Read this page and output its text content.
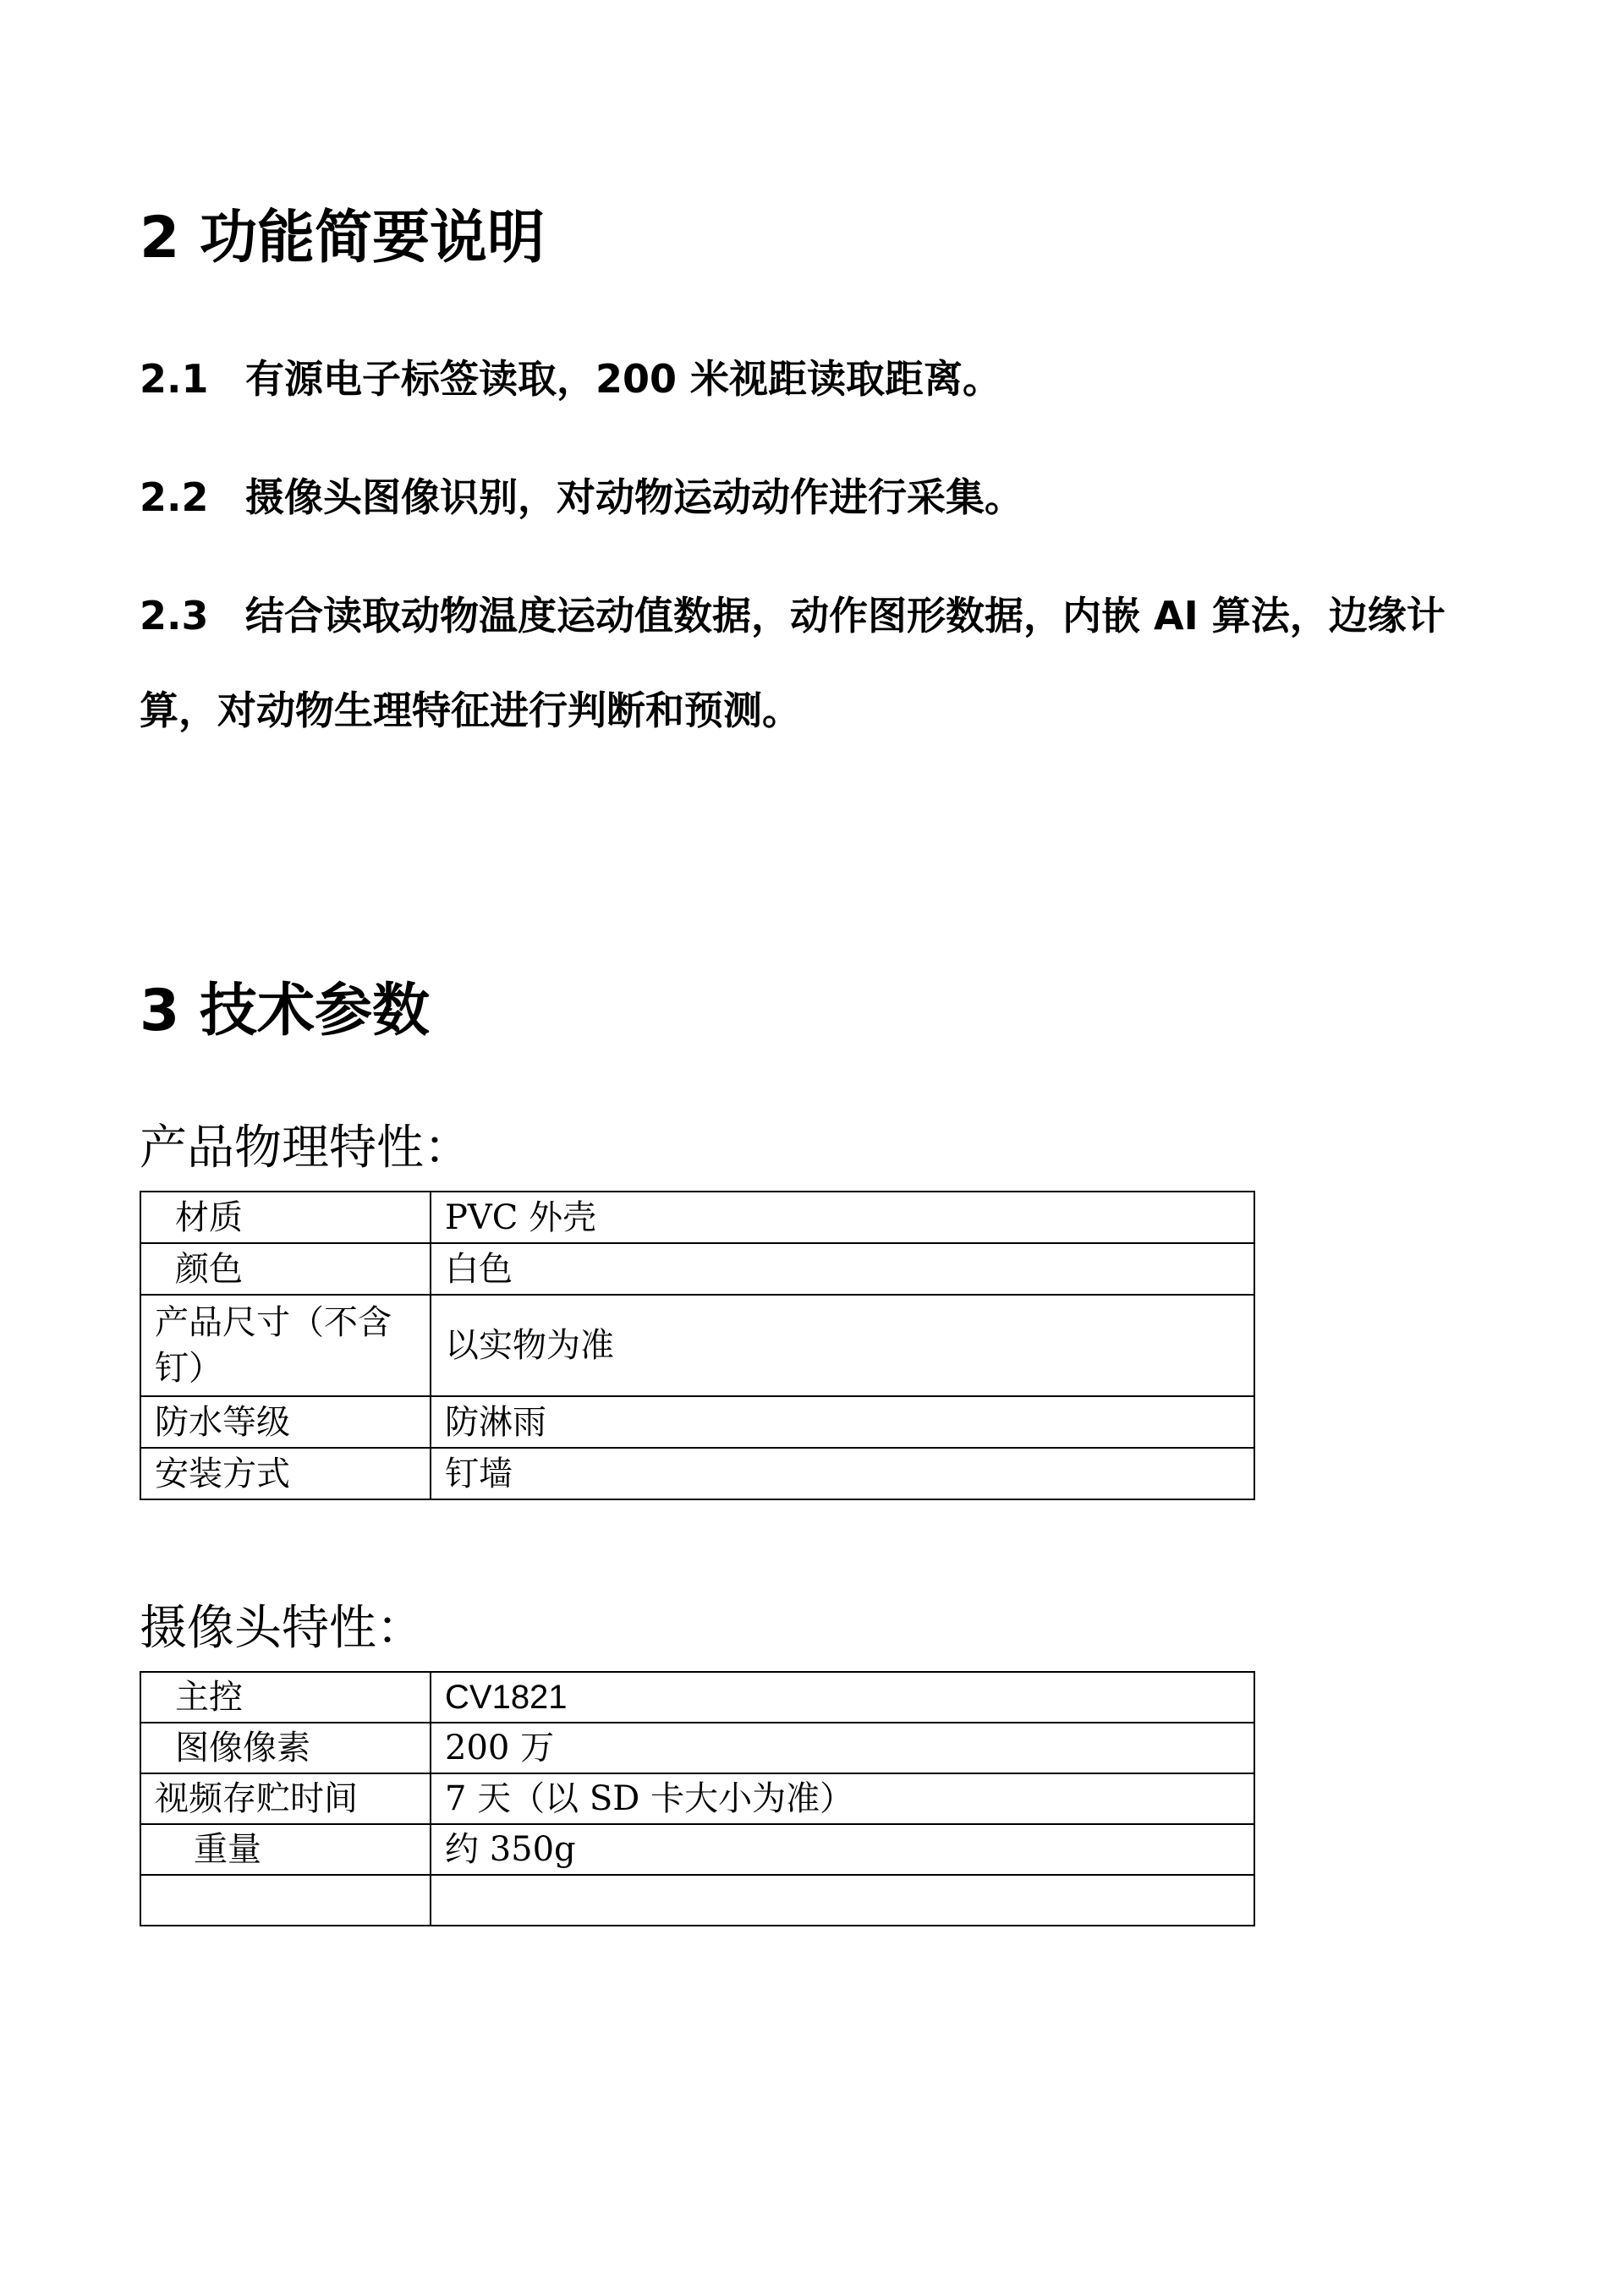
2 功能简要说明
2.1 有源电子标签读取，200 米视距读取距离。
2.2 摄像头图像识别，对动物运动动作进行采集。
2.3 结合读取动物温度运动值数据，动作图形数据，内嵌 AI 算法，边缘计算，对动物生理特征进行判断和预测。
3 技术参数
产品物理特性：
材质	PVC 外壳
颜色	白色
产品尺寸（不含钉）	以实物为准
防水等级	防淋雨
安装方式	钉墙
摄像头特性：
主控	CV1821
图像像素	200 万
视频存贮时间	7 天（以 SD 卡大小为准）
重量	约 350g
